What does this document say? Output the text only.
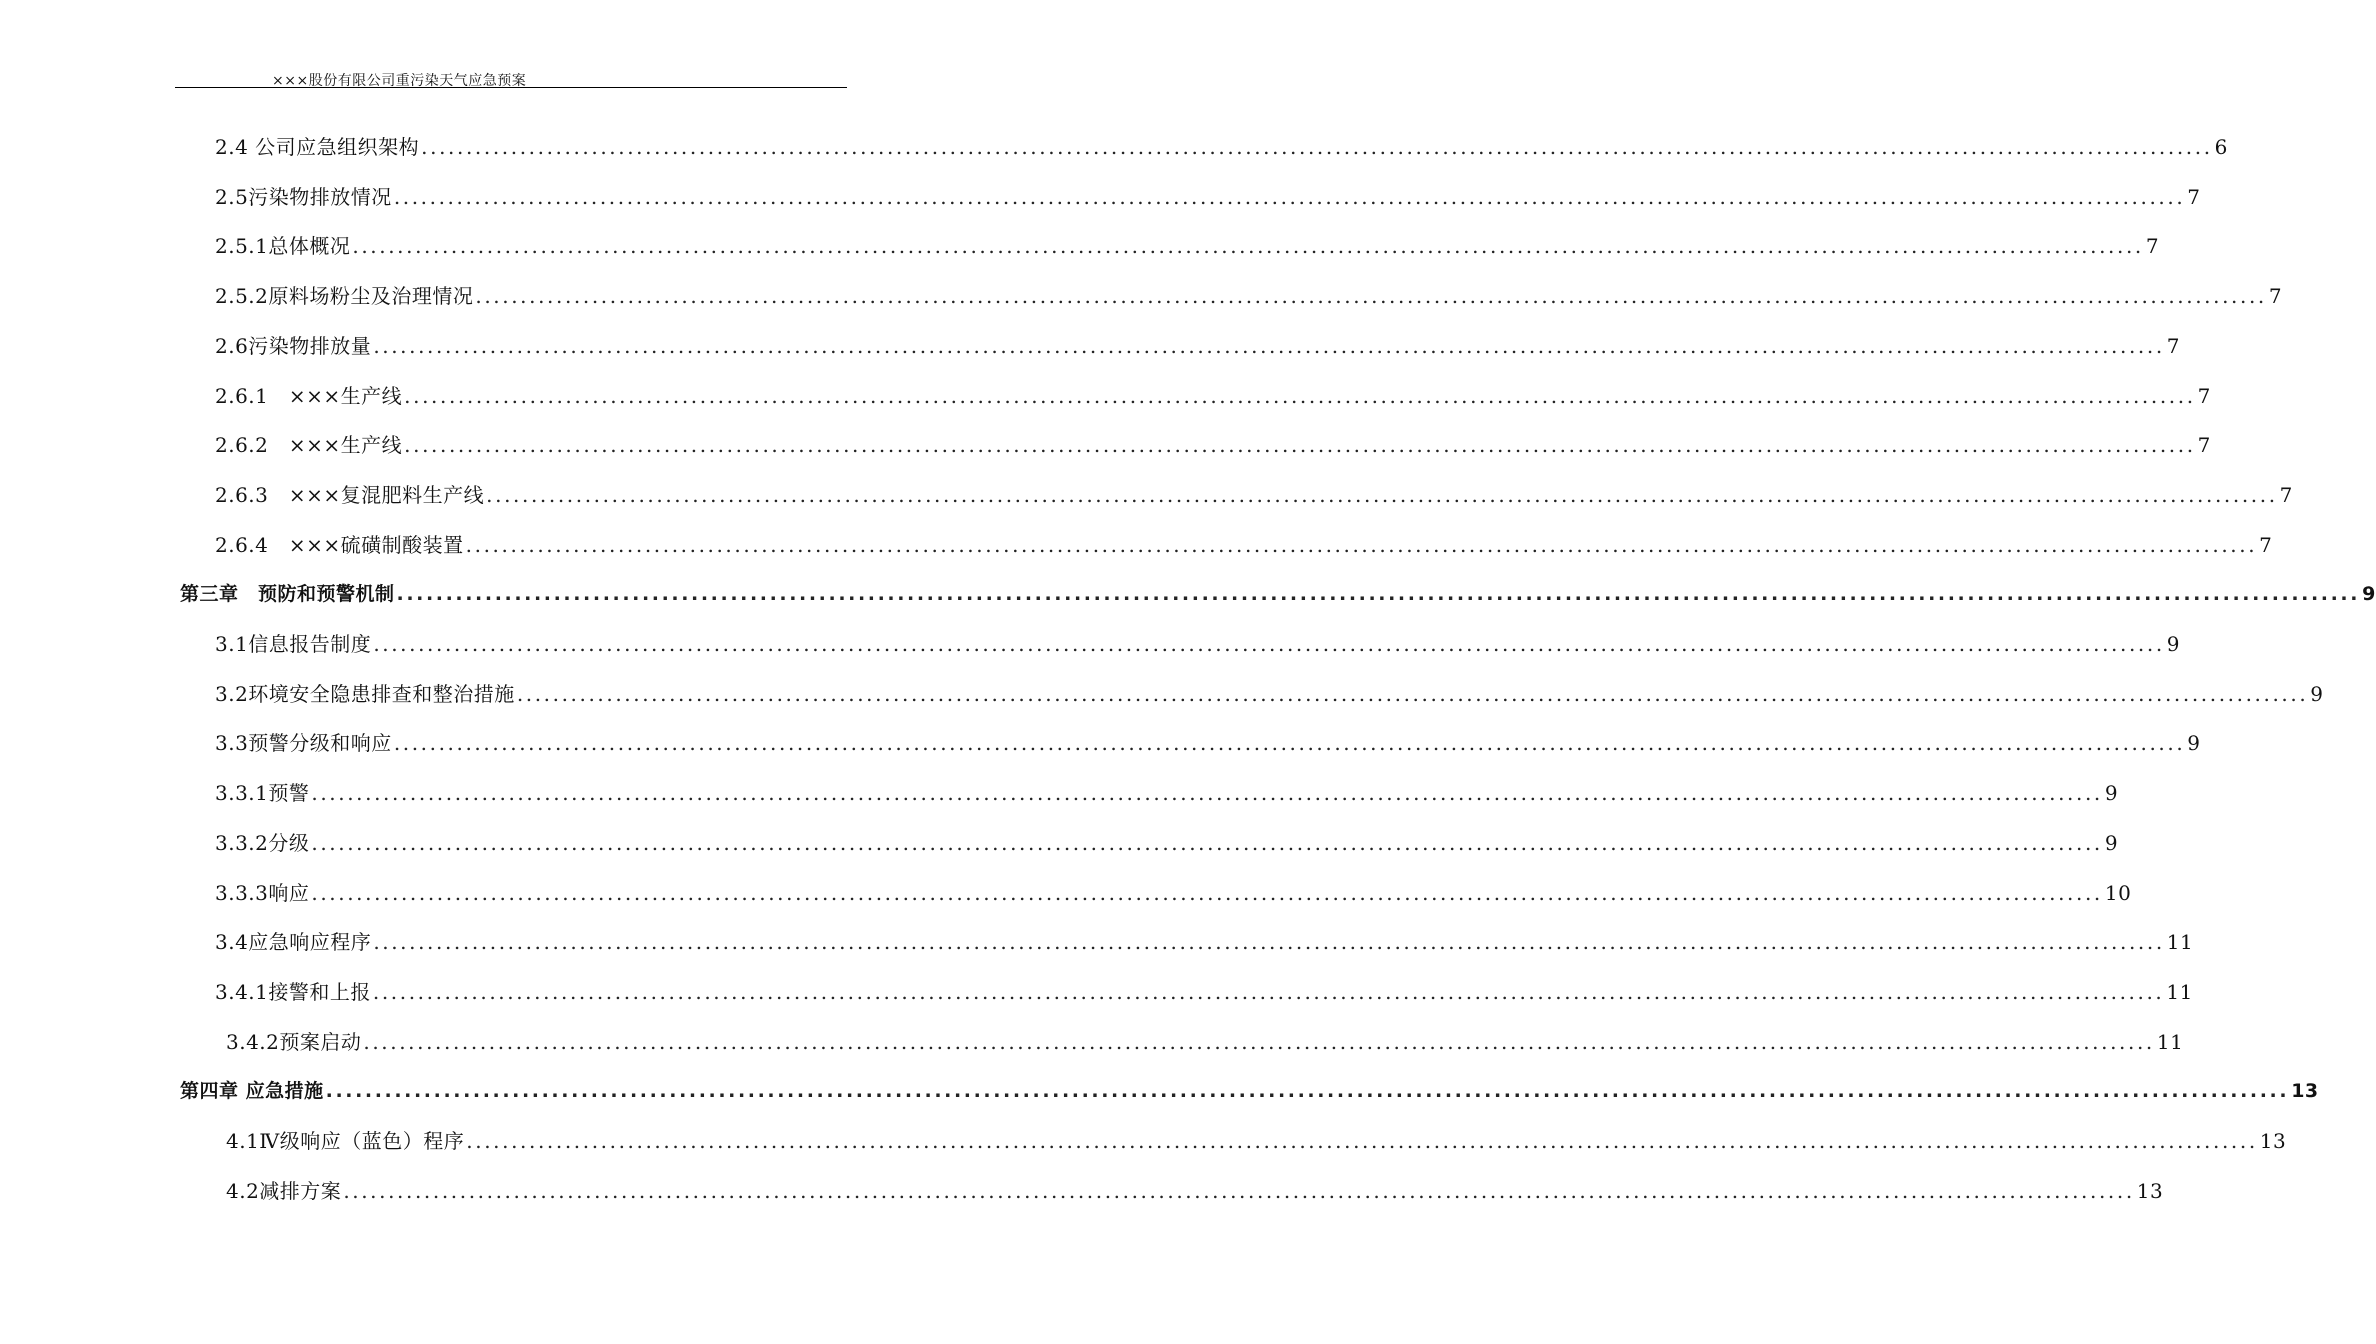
×××股份有限公司重污染天气应急预案
2.4 公司应急组织架构 ........................................................................................................................................................................................................ 6
2.5污染物排放情况 ........................................................................................................................................................................................................ 7
2.5.1总体概况 ........................................................................................................................................................................................................ 7
2.5.2原料场粉尘及治理情况 ........................................................................................................................................................................................................ 7
2.6污染物排放量 ........................................................................................................................................................................................................ 7
2.6.1　×××生产线 ........................................................................................................................................................................................................ 7
2.6.2　×××生产线 ........................................................................................................................................................................................................ 7
2.6.3　×××复混肥料生产线 ........................................................................................................................................................................................................ 7
2.6.4　×××硫磺制酸装置 ........................................................................................................................................................................................................ 7
第三章　预防和预警机制 ........................................................................................................................................................................................................ 9
3.1信息报告制度 ........................................................................................................................................................................................................ 9
3.2环境安全隐患排查和整治措施 ........................................................................................................................................................................................................ 9
3.3预警分级和响应 ........................................................................................................................................................................................................ 9
3.3.1预警 ........................................................................................................................................................................................................ 9
3.3.2分级 ........................................................................................................................................................................................................ 9
3.3.3响应 ........................................................................................................................................................................................................ 10
3.4应急响应程序 ........................................................................................................................................................................................................ 11
3.4.1接警和上报 ........................................................................................................................................................................................................ 11
3.4.2预案启动 ........................................................................................................................................................................................................ 11
第四章 应急措施 ........................................................................................................................................................................................................ 13
4.1Ⅳ级响应（蓝色）程序 ........................................................................................................................................................................................................ 13
4.2减排方案 ........................................................................................................................................................................................................ 13
